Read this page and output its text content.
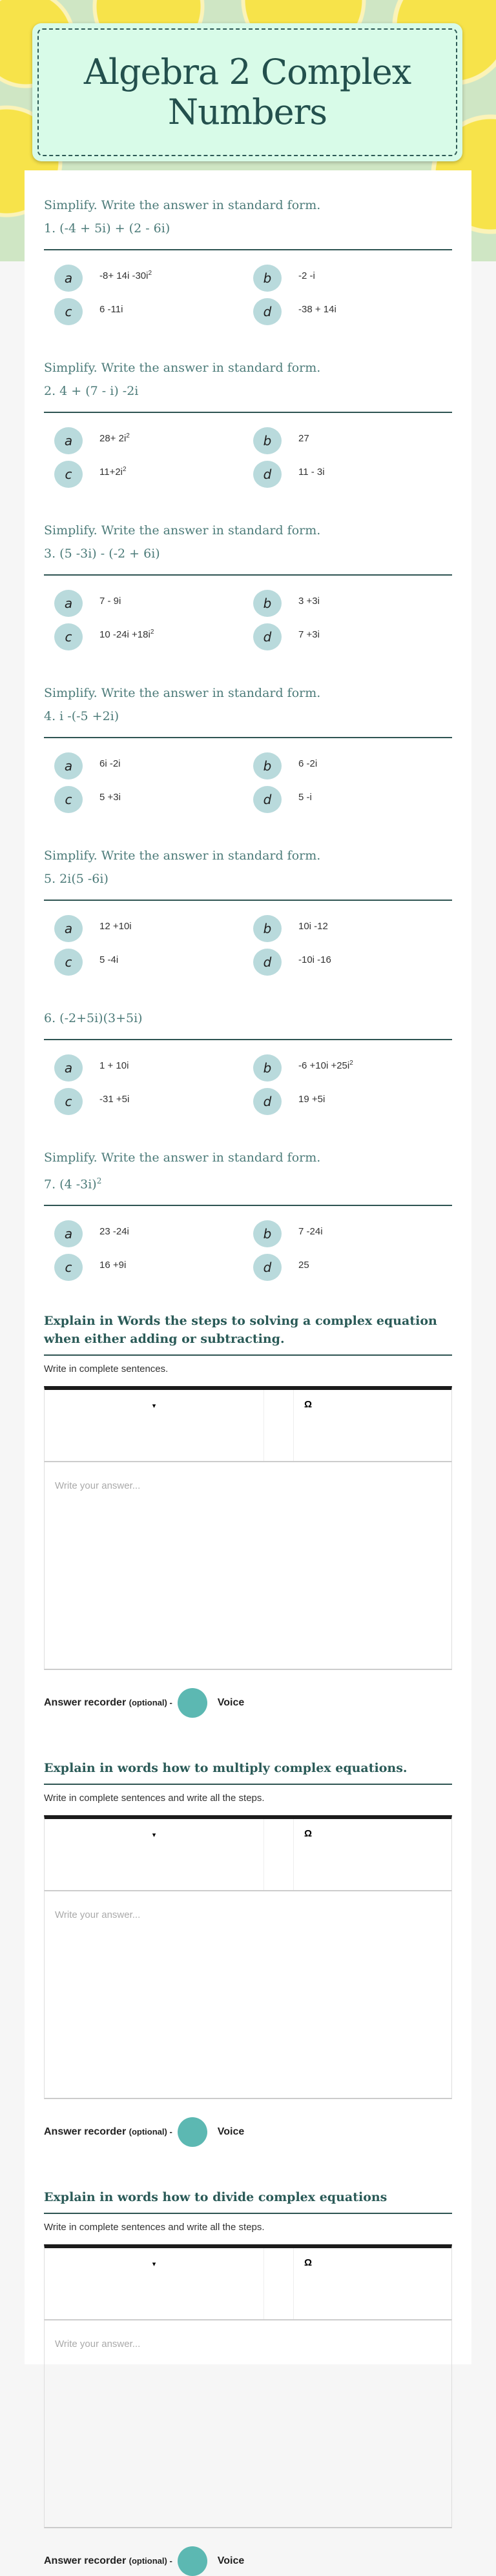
Algebra 2 Complex Numbers
Simplify. Write the answer in standard form.
1. (-4 + 5i) + (2 - 6i)
a	-8+ 14i $-30i^2$	b	-2 -i
c	6 -11i	d	-38 + 14i
Simplify. Write the answer in standard form.
2. 4 + (7 - i) -2i
a	$28+ 2i^2$	b	27
c	$11+2i^2$	d	11 - 3i
Simplify. Write the answer in standard form.
3. (5 -3i) - (-2 + 6i)
a	7 - 9i	b	3 +3i
c	10 $-24i +18i^2$	d	7 +3i
Simplify. Write the answer in standard form.
4. i -(-5 +2i)
a	6i -2i	b	6 -2i
c	5 +3i	d	5 -i
Simplify. Write the answer in standard form.
5. 2i(5 -6i)
a	12 +10i	b	10i -12
c	5 -4i	d	-10i -16
6. (-2+5i)(3+5i)
a	1 + 10i	b	$-6 +10i +25i^2$
c	-31 +5i	d	19 +5i
Simplify. Write the answer in standard form.
7. (4 -3i)$^2$
a	23 -24i	b	7 -24i
c	16 +9i	d	25
Explain in Words the steps to solving a complex equation when either adding or subtracting.
Write in complete sentences.
▾	Ω
Write your answer...
Answer recorder (optional) -	Voice
Explain in words how to multiply complex equations.
Write in complete sentences and write all the steps.
▾	Ω
Write your answer...
Answer recorder (optional) -	Voice
Explain in words how to divide complex equations
Write in complete sentences and write all the steps.
▾	Ω
Write your answer...
Answer recorder (optional) -	Voice
